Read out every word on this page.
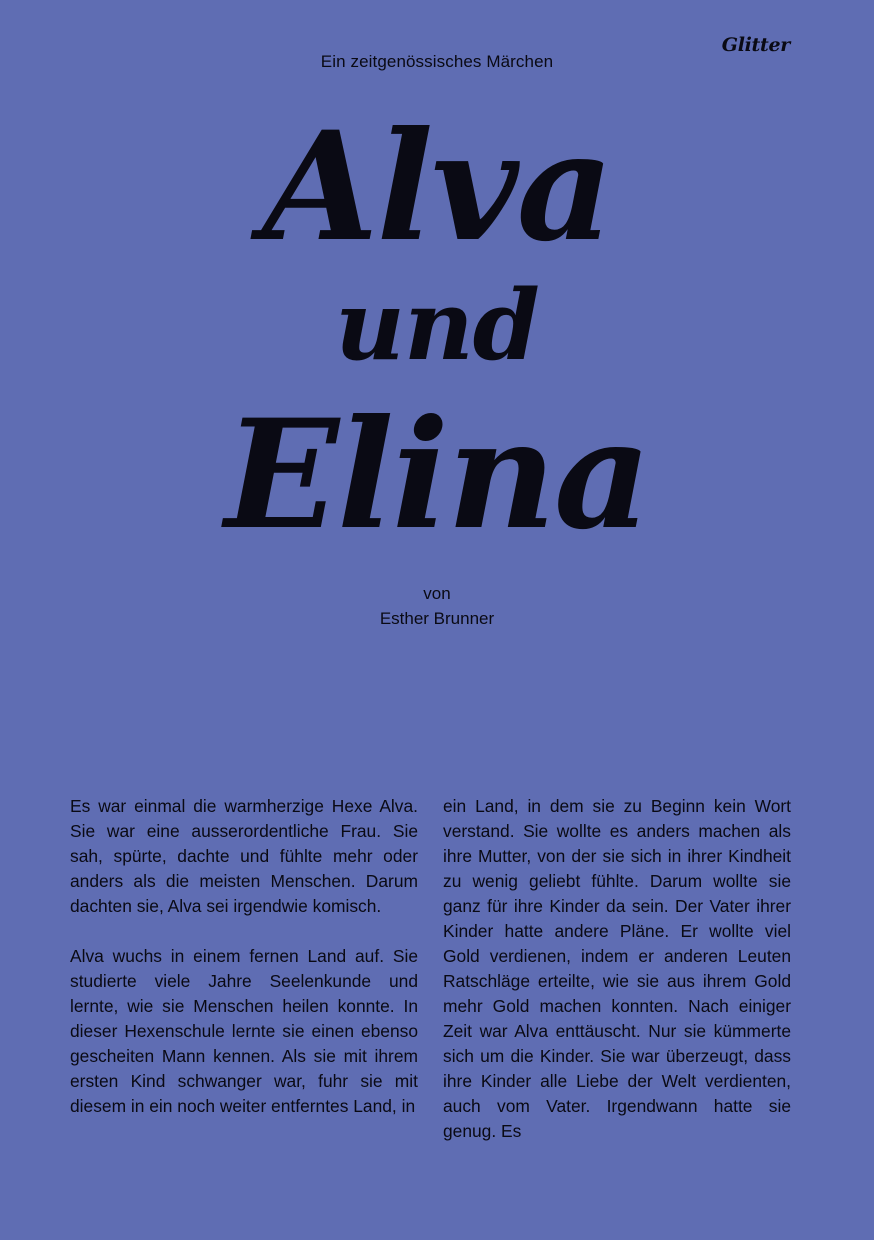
Glitter
Ein zeitgenössisches Märchen
Alva
und
Elina
von
Esther Brunner

Es war einmal die warmherzige Hexe Alva. Sie war eine ausserordentliche Frau. Sie sah, spürte, dachte und fühlte mehr oder anders als die meisten Menschen. Darum dachten sie, Alva sei irgendwie komisch.

Alva wuchs in einem fernen Land auf. Sie studierte viele Jahre Seelenkunde und lernte, wie sie Menschen heilen konnte. In dieser Hexenschule lernte sie einen ebenso gescheiten Mann kennen. Als sie mit ihrem ersten Kind schwanger war, fuhr sie mit diesem in ein noch weiter entferntes Land, in

ein Land, in dem sie zu Beginn kein Wort verstand. Sie wollte es anders machen als ihre Mutter, von der sie sich in ihrer Kindheit zu wenig geliebt fühlte. Darum wollte sie ganz für ihre Kinder da sein. Der Vater ihrer Kinder hatte andere Pläne. Er wollte viel Gold verdienen, indem er anderen Leuten Ratschläge erteilte, wie sie aus ihrem Gold mehr Gold machen konnten. Nach einiger Zeit war Alva enttäuscht. Nur sie kümmerte sich um die Kinder. Sie war überzeugt, dass ihre Kinder alle Liebe der Welt verdienten, auch vom Vater. Irgendwann hatte sie genug. Es
